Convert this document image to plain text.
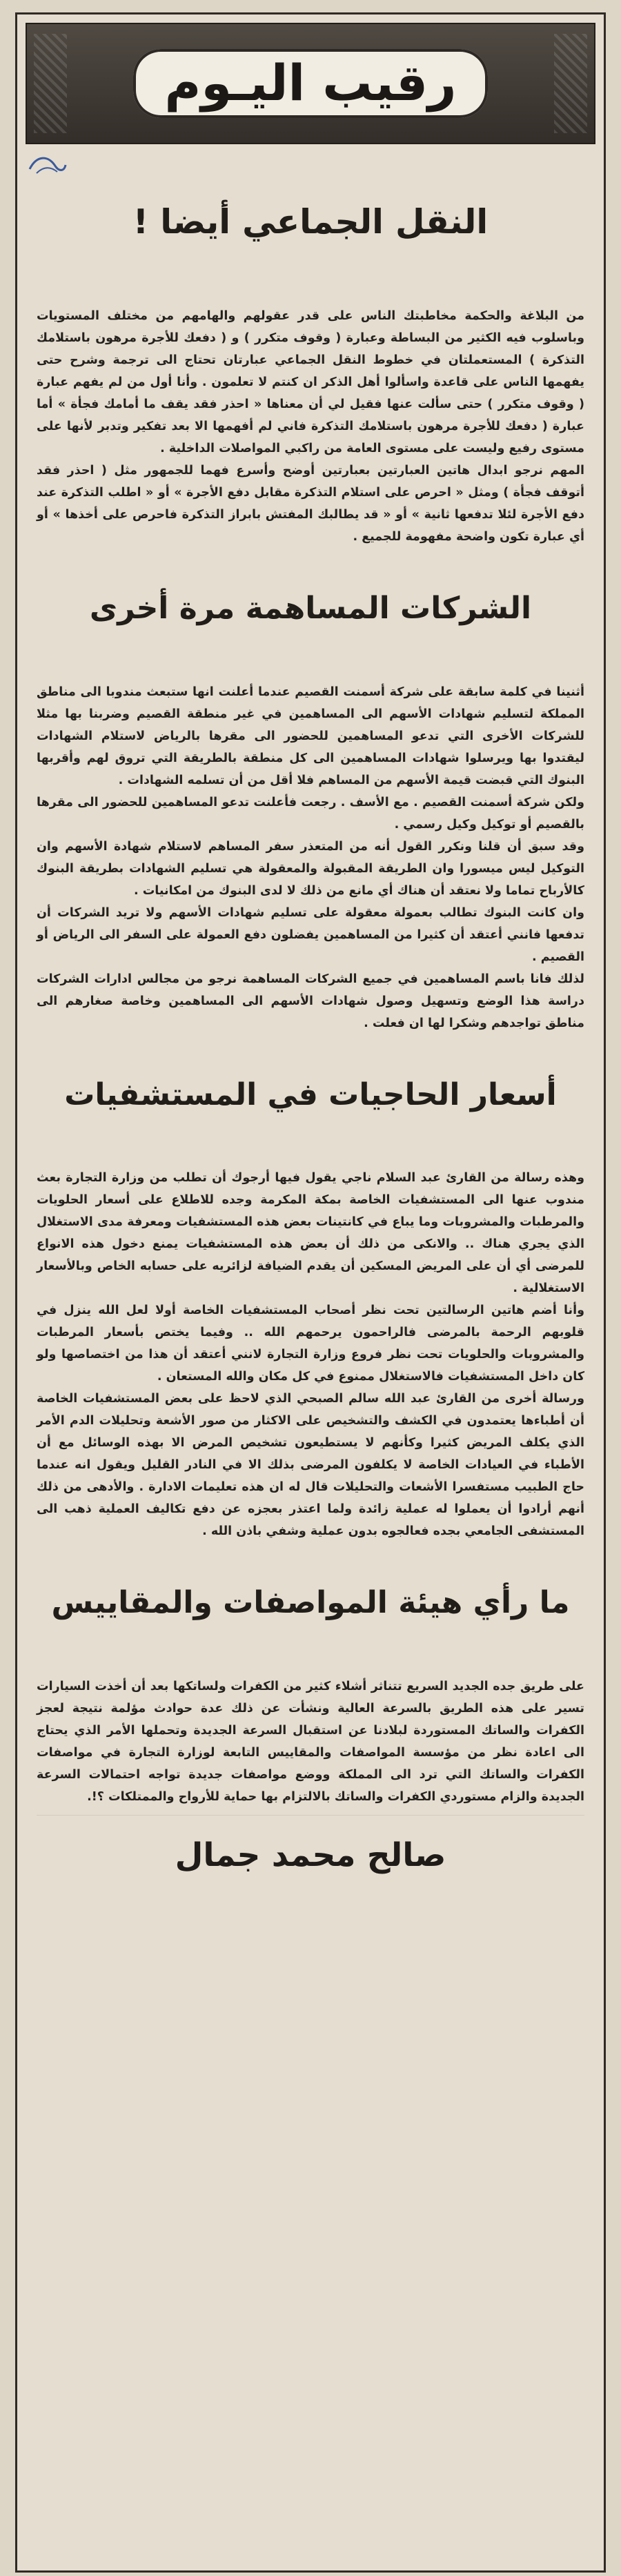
رقيب اليـوم
النقل الجماعي أيضا !

من البلاغة والحكمة مخاطبتك الناس على قدر عقولهم والهامهم من مختلف المستويات وباسلوب فيه الكثير من البساطة وعبارة ( وقوف متكرر ) و ( دفعك للأجرة مرهون باستلامك التذكرة ) المستعملتان في خطوط النقل الجماعي عبارتان تحتاج الى ترجمة وشرح حتى يفهمها الناس على قاعدة واسألوا أهل الذكر ان كنتم لا تعلمون . وأنا أول من لم يفهم عبارة ( وقوف متكرر ) حتى سألت عنها فقيل لي أن معناها « احذر فقد يقف ما أمامك فجأة » أما عبارة ( دفعك للأجرة مرهون باستلامك التذكرة فاني لم أفهمها الا بعد تفكير وتدبر لأنها على مستوى رفيع وليست على مستوى العامة من راكبي المواصلات الداخلية .
المهم نرجو ابدال هاتين العبارتين بعبارتين أوضح وأسرع فهما للجمهور مثل ( احذر فقد أتوقف فجأة ) ومثل « احرص على استلام التذكرة مقابل دفع الأجرة » أو « اطلب التذكرة عند دفع الأجرة لئلا تدفعها ثانية » أو « قد يطالبك المفتش بابراز التذكرة فاحرص على أخذها » أو أي عبارة تكون واضحة مفهومة للجميع .

الشركات المساهمة مرة أخرى

أثنينا في كلمة سابقة على شركة أسمنت القصيم عندما أعلنت انها ستبعث مندوبا الى مناطق المملكة لتسليم شهادات الأسهم الى المساهمين في غير منطقة القصيم وضربنا بها مثلا للشركات الأخرى التي تدعو المساهمين للحضور الى مقرها بالرياض لاستلام الشهادات ليقتدوا بها ويرسلوا شهادات المساهمين الى كل منطقة بالطريقة التي تروق لهم وأقربها البنوك التي قبضت قيمة الأسهم من المساهم فلا أقل من أن تسلمه الشهادات .
ولكن شركة أسمنت القصيم . مع الأسف . رجعت فأعلنت تدعو المساهمين للحضور الى مقرها بالقصيم أو توكيل وكيل رسمي .
وقد سبق أن قلنا ونكرر القول أنه من المتعذر سفر المساهم لاستلام شهادة الأسهم وان التوكيل ليس ميسورا وان الطريقة المقبولة والمعقولة هي تسليم الشهادات بطريقة البنوك كالأرباح تماما ولا نعتقد أن هناك أي مانع من ذلك لا لدى البنوك من امكانيات .
وان كانت البنوك تطالب بعمولة معقولة على تسليم شهادات الأسهم ولا تريد الشركات أن تدفعها فانني أعتقد أن كثيرا من المساهمين يفضلون دفع العمولة على السفر الى الرياض أو القصيم .
لذلك فانا باسم المساهمين في جميع الشركات المساهمة نرجو من مجالس ادارات الشركات دراسة هذا الوضع وتسهيل وصول شهادات الأسهم الى المساهمين وخاصة صغارهم الى مناطق تواجدهم وشكرا لها ان فعلت .

أسعار الحاجيات في المستشفيات

وهذه رسالة من القارئ عبد السلام ناجي يقول فيها أرجوك أن تطلب من وزارة التجارة بعث مندوب عنها الى المستشفيات الخاصة بمكة المكرمة وجده للاطلاع على أسعار الحلويات والمرطبات والمشروبات وما يباع في كانتينات بعض هذه المستشفيات ومعرفة مدى الاستغلال الذي يجري هناك .. والانكى من ذلك أن بعض هذه المستشفيات يمنع دخول هذه الانواع للمرضى أي أن على المريض المسكين أن يقدم الضيافة لزائريه على حسابه الخاص وبالأسعار الاستغلالية .
وأنا أضم هاتين الرسالتين تحت نظر أصحاب المستشفيات الخاصة أولا لعل الله ينزل في قلوبهم الرحمة بالمرضى فالراحمون يرحمهم الله .. وفيما يختص بأسعار المرطبات والمشروبات والحلويات تحت نظر فروع وزارة التجارة لانني أعتقد أن هذا من اختصاصها ولو كان داخل المستشفيات فالاستغلال ممنوع في كل مكان والله المستعان .
ورسالة أخرى من القارئ عبد الله سالم الصبحي الذي لاحظ على بعض المستشفيات الخاصة أن أطباءها يعتمدون في الكشف والتشخيص على الاكثار من صور الأشعة وتحليلات الدم الأمر الذي يكلف المريض كثيرا وكأنهم لا يستطيعون تشخيص المرض الا بهذه الوسائل مع أن الأطباء في العيادات الخاصة لا يكلفون المرضى بذلك الا في النادر القليل ويقول انه عندما حاج الطبيب مستفسرا الأشعات والتحليلات قال له ان هذه تعليمات الادارة . والأدهى من ذلك أنهم أرادوا أن يعملوا له عملية زائدة ولما اعتذر بعجزه عن دفع تكاليف العملية ذهب الى المستشفى الجامعي بجده فعالجوه بدون عملية وشفي باذن الله .

ما رأي هيئة المواصفات والمقاييس

على طريق جده الجديد السريع تتناثر أشلاء كثير من الكفرات ولساتكها بعد أن أخذت السيارات تسير على هذه الطريق بالسرعة العالية ونشأت عن ذلك عدة حوادث مؤلمة نتيجة لعجز الكفرات والساتك المستوردة لبلادنا عن استقبال السرعة الجديدة وتحملها الأمر الذي يحتاج الى اعادة نظر من مؤسسة المواصفات والمقاييس التابعة لوزارة التجارة في مواصفات الكفرات والساتك التي ترد الى المملكة ووضع مواصفات جديدة تواجه احتمالات السرعة الجديدة والزام مستوردي الكفرات والساتك بالالتزام بها حماية للأرواح والممتلكات ؟!.

صالح محمد جمال
